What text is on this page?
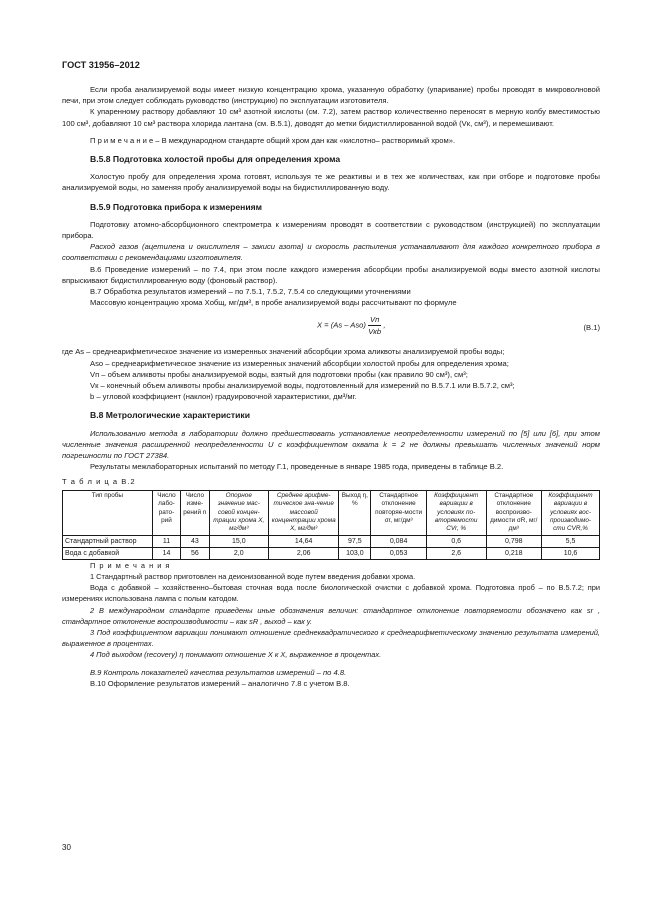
ГОСТ 31956–2012

Если проба анализируемой воды имеет низкую концентрацию хрома, указанную обработку (упаривание) пробы проводят в микроволновой печи, при этом следует соблюдать руководство (инструкцию) по эксплуатации изготовителя.

К упаренному раствору добавляют 10 см³ азотной кислоты (см. 7.2), затем раствор количественно переносят в мерную колбу вместимостью 100 см³, добавляют 10 см³ раствора хлорида лантана (см. В.5.1), доводят до метки бидистиллированной водой (Vк, см³), и перемешивают.

П р и м е ч а н и е – В международном стандарте общий хром дан как «кислотно– растворимый хром».

В.5.8 Подготовка холостой пробы для определения хрома

Холостую пробу для определения хрома готовят, используя те же реактивы и в тех же количествах, как при отборе и подготовке пробы анализируемой воды, но заменяя пробу анализируемой воды на бидистиллированную воду.

В.5.9 Подготовка прибора к измерениям

Подготовку атомно-абсорбционного спектрометра к измерениям проводят в соответствии с руководством (инструкцией) по эксплуатации прибора.

Расход газов (ацетилена и окислителя – закиси азота) и скорость распыления устанавливают для каждого конкретного прибора в соответствии с рекомендациями изготовителя.

В.6 Проведение измерений – по 7.4, при этом после каждого измерения абсорбции пробы анализируемой воды вместо азотной кислоты впрыскивают бидистиллированную воду (фоновый раствор).

В.7 Обработка результатов измерений – по 7.5.1, 7.5.2, 7.5.4 со следующими уточнениями

Массовую концентрацию хрома Xобщ, мг/дм³, в пробе анализируемой воды рассчитывают по формуле

$X = (As - Asо) \frac{Vп}{\text{Vкb}}$ ,	(В.1)

где As – среднеарифметическое значение из измеренных значений абсорбции хрома аликвоты анализируемой пробы воды;

Asо – среднеарифметическое значение из измеренных значений абсорбции холостой пробы для определения хрома;

Vп – объем аликвоты пробы анализируемой воды, взятый для подготовки пробы (как правило 90 см³), см³;

Vк – конечный объем аликвоты пробы анализируемой воды, подготовленный для измерений по В.5.7.1 или В.5.7.2, см³;

b – угловой коэффициент (наклон) градуировочной характеристики, дм³/мг.

В.8 Метрологические характеристики

Использованию метода в лаборатории должно предшествовать установление неопределенности измерений по [5] или [6], при этом численные значения расширенной неопределенности U с коэффициентом охвата k = 2 не должны превышать численных значений норм погрешности по ГОСТ 27384.

Результаты межлабораторных испытаний по методу Г.1, проведенные в январе 1985 года, приведены в таблице В.2.

Т а б л и ц а В.2
Тип пробы	Число лабо-рато-рий	Число изме-рений n	Опорное значение мас-совой концен-трации хрома X, мг/дм³	Среднее арифме-тическое зна-чение массовой концентрации хрома X, мг/дм³	Выход η, %	Стандартное отклонение повторяе-мости σr, мг/дм³	Коэффициент вариации в условиях по-вторяемости CVr, %	Стандартное отклонение воспроизво-димости σR, мг/дм³	Коэффициент вариации в условиях вос-производимо-сти CVR,%
Стандартный раствор	11	43	15,0	14,64	97,5	0,084	0,6	0,798	5,5
Вода с добавкой	14	56	2,0	2,06	103,0	0,053	2,6	0,218	10,6

П р и м е ч а н и я

1 Стандартный раствор приготовлен на деионизованной воде путем введения добавки хрома.

Вода с добавкой – хозяйственно–бытовая сточная вода после биологической очистки с добавкой хрома. Подготовка проб – по В.5.7.2; при измерениях использована лампа с полым катодом.

2 В международном стандарте приведены иные обозначения величин: стандартное отклонение повторяемости обозначено как sr , стандартное отклонение воспроизводимости – как sR , выход – как y.

3 Под коэффициентом вариации понимают отношение среднеквадратического к среднеарифметическому значению результата измерений, выраженное в процентах.

4 Под выходом (recovery) η понимают отношение X к X, выраженное в процентах.

В.9 Контроль показателей качества результатов измерений – по 4.8.

В.10 Оформление результатов измерений – аналогично 7.8 с учетом В.8.

30
